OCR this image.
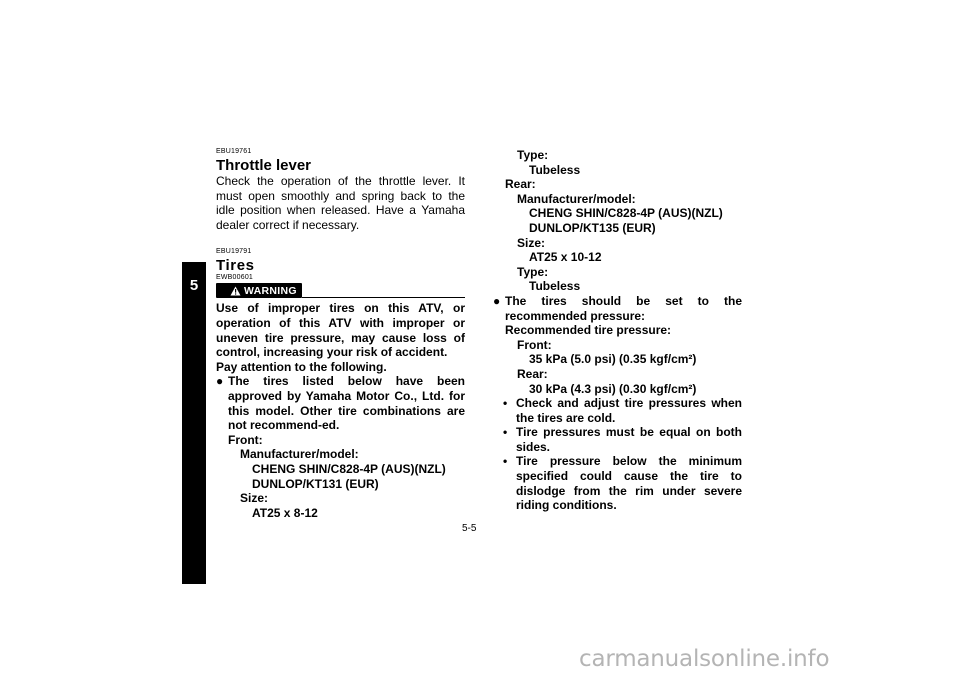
5
EBU19761
Throttle lever
Check the operation of the throttle lever. It must open smoothly and spring back to the idle position when released. Have a Yamaha dealer correct if necessary.
EBU19791
Tires
EWB00601
WARNING
Use of improper tires on this ATV, or operation of this ATV with improper or uneven tire pressure, may cause loss of control, increasing your risk of accident.
Pay attention to the following.
● The tires listed below have been approved by Yamaha Motor Co., Ltd. for this model. Other tire combinations are not recommend-ed.
Front:
Manufacturer/model:
CHENG SHIN/C828-4P (AUS)(NZL)
DUNLOP/KT131 (EUR)
Size:
AT25 x 8-12
Type:
Tubeless
Rear:
Manufacturer/model:
CHENG SHIN/C828-4P (AUS)(NZL)
DUNLOP/KT135 (EUR)
Size:
AT25 x 10-12
Type:
Tubeless
● The tires should be set to the recommended pressure:
Recommended tire pressure:
Front:
35 kPa (5.0 psi) (0.35 kgf/cm²)
Rear:
30 kPa (4.3 psi) (0.30 kgf/cm²)
• Check and adjust tire pressures when the tires are cold.
• Tire pressures must be equal on both sides.
• Tire pressure below the minimum specified could cause the tire to dislodge from the rim under severe riding conditions.
5-5
carmanualsonline.info
